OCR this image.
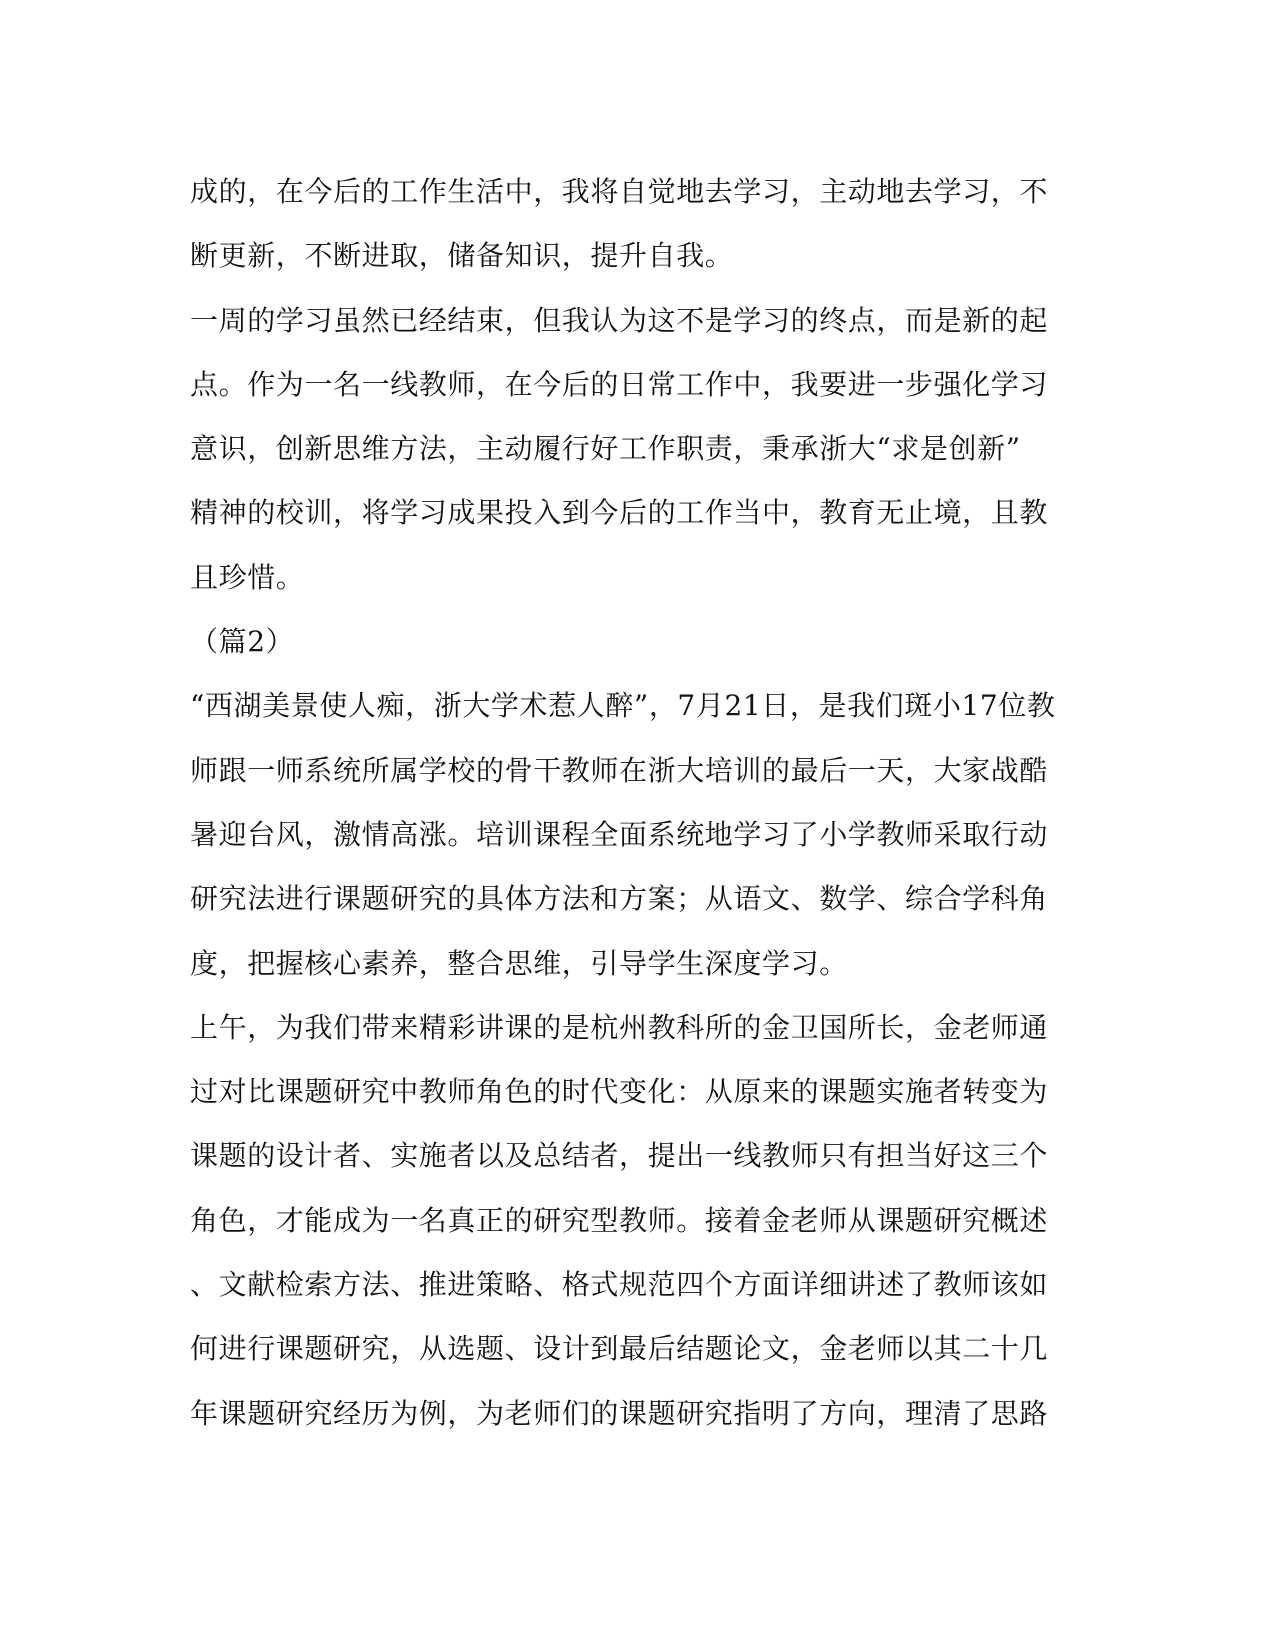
成的，在今后的工作生活中，我将自觉地去学习，主动地去学习，不
断更新，不断进取，储备知识，提升自我。
一周的学习虽然已经结束，但我认为这不是学习的终点，而是新的起
点。作为一名一线教师，在今后的日常工作中，我要进一步强化学习
意识，创新思维方法，主动履行好工作职责，秉承浙大“求是创新”
精神的校训，将学习成果投入到今后的工作当中，教育无止境，且教
且珍惜。
（篇2）
“西湖美景使人痴，浙大学术惹人醉”，7月21日，是我们斑小17位教
师跟一师系统所属学校的骨干教师在浙大培训的最后一天，大家战酷
暑迎台风，激情高涨。培训课程全面系统地学习了小学教师采取行动
研究法进行课题研究的具体方法和方案；从语文、数学、综合学科角
度，把握核心素养，整合思维，引导学生深度学习。
上午，为我们带来精彩讲课的是杭州教科所的金卫国所长，金老师通
过对比课题研究中教师角色的时代变化：从原来的课题实施者转变为
课题的设计者、实施者以及总结者，提出一线教师只有担当好这三个
角色，才能成为一名真正的研究型教师。接着金老师从课题研究概述
、文献检索方法、推进策略、格式规范四个方面详细讲述了教师该如
何进行课题研究，从选题、设计到最后结题论文，金老师以其二十几
年课题研究经历为例，为老师们的课题研究指明了方向，理清了思路
